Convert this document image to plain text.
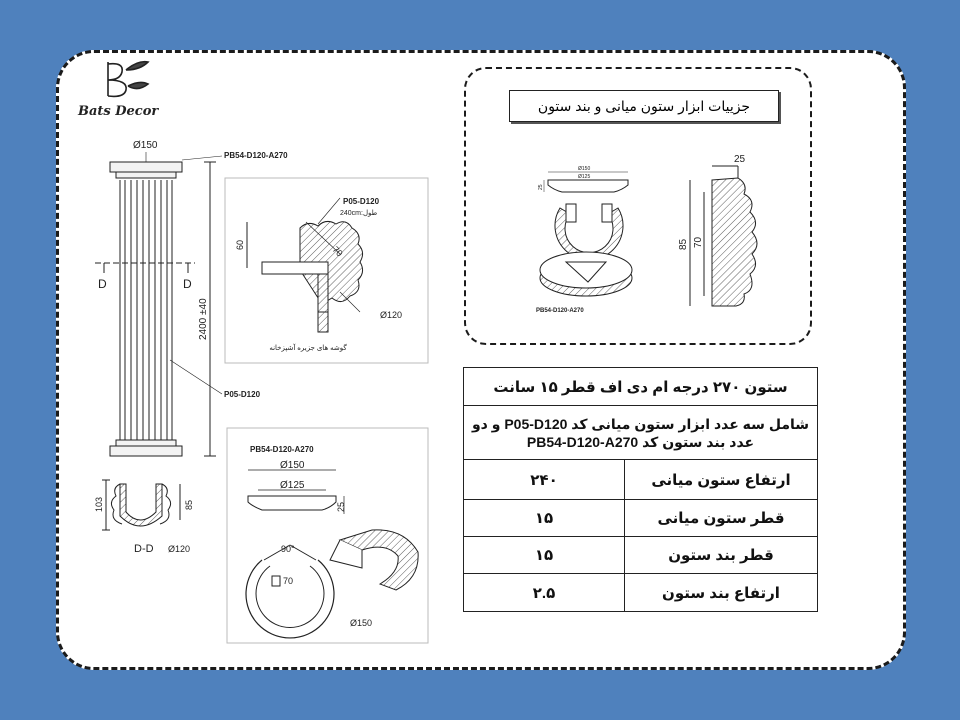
Ø150
PB54-D120-A270
D	D
2400 ±40
P05-D120
P05-D120
240cm:طول
60	70
Ø120
گوشه های جزیره آشپزخانه
103	85
D-D Ø120
PB54-D120-A270
Ø150
Ø125
25
90°
70
Ø150
Ø150
Ø125
25
PB54-D120-A270
25
85 70
Bats Decor	جزییات ابزار ستون میانی و بند ستون
ستون ۲۷۰ درجه ام دی اف قطر ۱۵ سانت	

شامل سه عدد ابزار ستون میانی کد P05-D120 و دو
عدد بند ستون کد PB54-D120-A270	

ارتفاع ستون میانی	۲۴۰
قطر ستون میانی	۱۵
قطر بند ستون	۱۵
ارتفاع بند ستون	۲.۵
